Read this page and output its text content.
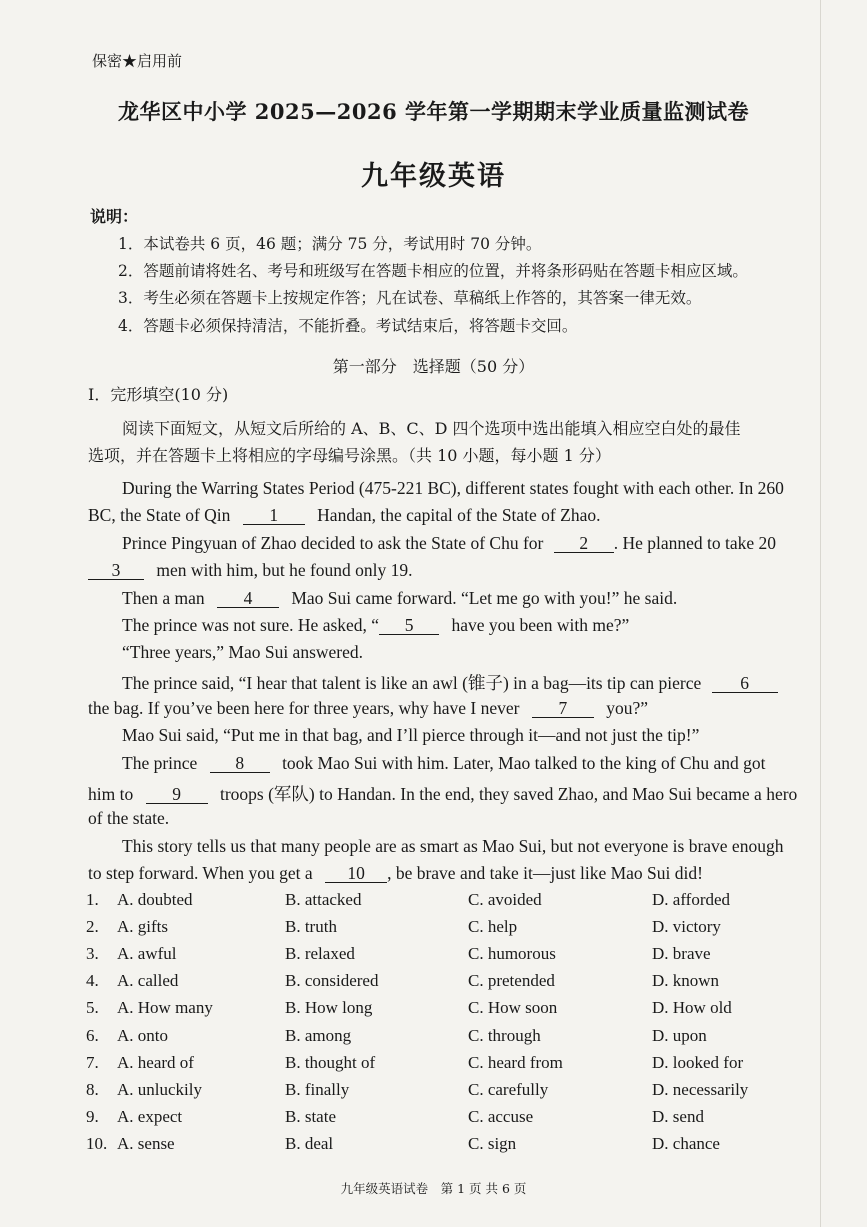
保密★启用前
龙华区中小学 2025—2026 学年第一学期期末学业质量监测试卷
九年级英语
说明：
1．本试卷共 6 页，46 题；满分 75 分，考试用时 70 分钟。
2．答题前请将姓名、考号和班级写在答题卡相应的位置，并将条形码贴在答题卡相应区域。
3．考生必须在答题卡上按规定作答；凡在试卷、草稿纸上作答的，其答案一律无效。
4．答题卡必须保持清洁，不能折叠。考试结束后，将答题卡交回。
第一部分　选择题（50 分）
I．完形填空(10 分)
阅读下面短文，从短文后所给的 A、B、C、D 四个选项中选出能填入相应空白处的最佳
选项，并在答题卡上将相应的字母编号涂黑。（共 10 小题，每小题 1 分）
During the Warring States Period (475-221 BC), different states fought with each other. In 260
BC, the State of Qin 1 Handan, the capital of the State of Zhao.
Prince Pingyuan of Zhao decided to ask the State of Chu for 2 . He planned to take 20
3 men with him, but he found only 19.
Then a man 4 Mao Sui came forward. “Let me go with you!” he said.
The prince was not sure. He asked, “ 5 have you been with me?”
“Three years,” Mao Sui answered.
The prince said, “I hear that talent is like an awl (锥子) in a bag—its tip can pierce 6
the bag. If you’ve been here for three years, why have I never 7 you?”
Mao Sui said, “Put me in that bag, and I’ll pierce through it—and not just the tip!”
The prince 8 took Mao Sui with him. Later, Mao talked to the king of Chu and got
him to 9 troops (军队) to Handan. In the end, they saved Zhao, and Mao Sui became a hero
of the state.
This story tells us that many people are as smart as Mao Sui, but not everyone is brave enough
to step forward. When you get a 10 , be brave and take it—just like Mao Sui did!
1. A. doubted	B. attacked	C. avoided	D. afforded
2. A. gifts	B. truth	C. help	D. victory
3. A. awful	B. relaxed	C. humorous	D. brave
4. A. called	B. considered	C. pretended	D. known
5. A. How many	B. How long	C. How soon	D. How old
6. A. onto	B. among	C. through	D. upon
7. A. heard of	B. thought of	C. heard from	D. looked for
8. A. unluckily	B. finally	C. carefully	D. necessarily
9. A. expect	B. state	C. accuse	D. send
10. A. sense	B. deal	C. sign	D. chance
九年级英语试卷　第 1 页 共 6 页
